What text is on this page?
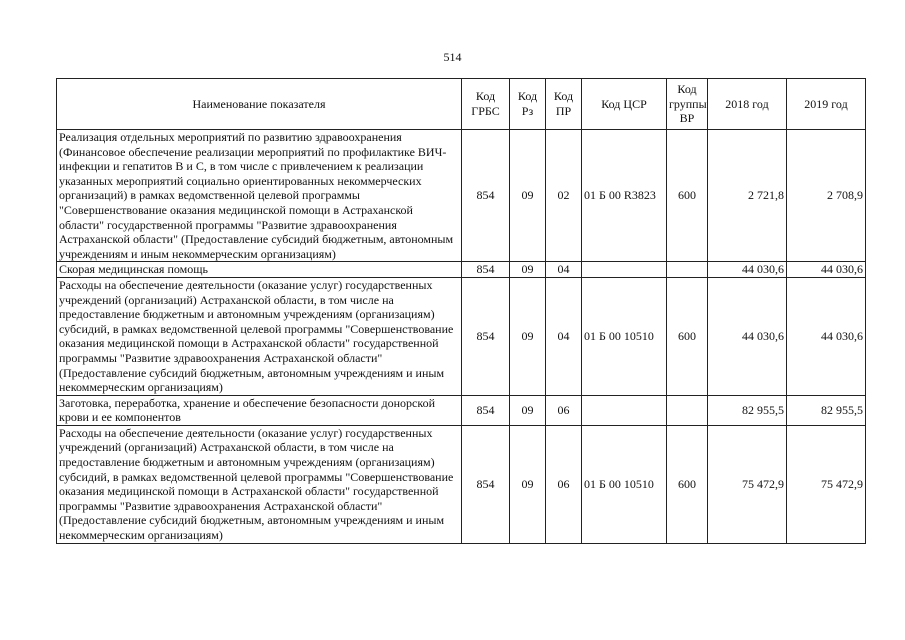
514
Наименование показателя	Код ГРБС	Код Рз	Код ПР	Код ЦСР	Код группы ВР	2018 год	2019 год
Реализация отдельных мероприятий по развитию здравоохранения (Финансовое обеспечение реализации мероприятий по профилактике ВИЧ-инфекции и гепатитов В и С, в том числе с привлечением к реализации указанных мероприятий социально ориентированных некоммерческих организаций) в рамках ведомственной целевой программы "Совершенствование оказания медицинской помощи в Астраханской области" государственной программы "Развитие здравоохранения Астраханской области" (Предоставление субсидий бюджетным, автономным учреждениям и иным некоммерческим организациям)	854	09	02	01 Б 00 R3823	600	2 721,8	2 708,9
Скорая медицинская помощь	854	09	04			44 030,6	44 030,6
Расходы на обеспечение деятельности (оказание услуг) государственных учреждений (организаций) Астраханской области, в том числе на предоставление бюджетным и автономным учреждениям (организациям) субсидий, в рамках ведомственной целевой программы "Совершенствование оказания медицинской помощи в Астраханской области" государственной программы "Развитие здравоохранения Астраханской области" (Предоставление субсидий бюджетным, автономным учреждениям и иным некоммерческим организациям)	854	09	04	01 Б 00 10510	600	44 030,6	44 030,6
Заготовка, переработка, хранение и обеспечение безопасности донорской крови и ее компонентов	854	09	06			82 955,5	82 955,5
Расходы на обеспечение деятельности (оказание услуг) государственных учреждений (организаций) Астраханской области, в том числе на предоставление бюджетным и автономным учреждениям (организациям) субсидий, в рамках ведомственной целевой программы "Совершенствование оказания медицинской помощи в Астраханской области" государственной программы "Развитие здравоохранения Астраханской области" (Предоставление субсидий бюджетным, автономным учреждениям и иным некоммерческим организациям)	854	09	06	01 Б 00 10510	600	75 472,9	75 472,9
